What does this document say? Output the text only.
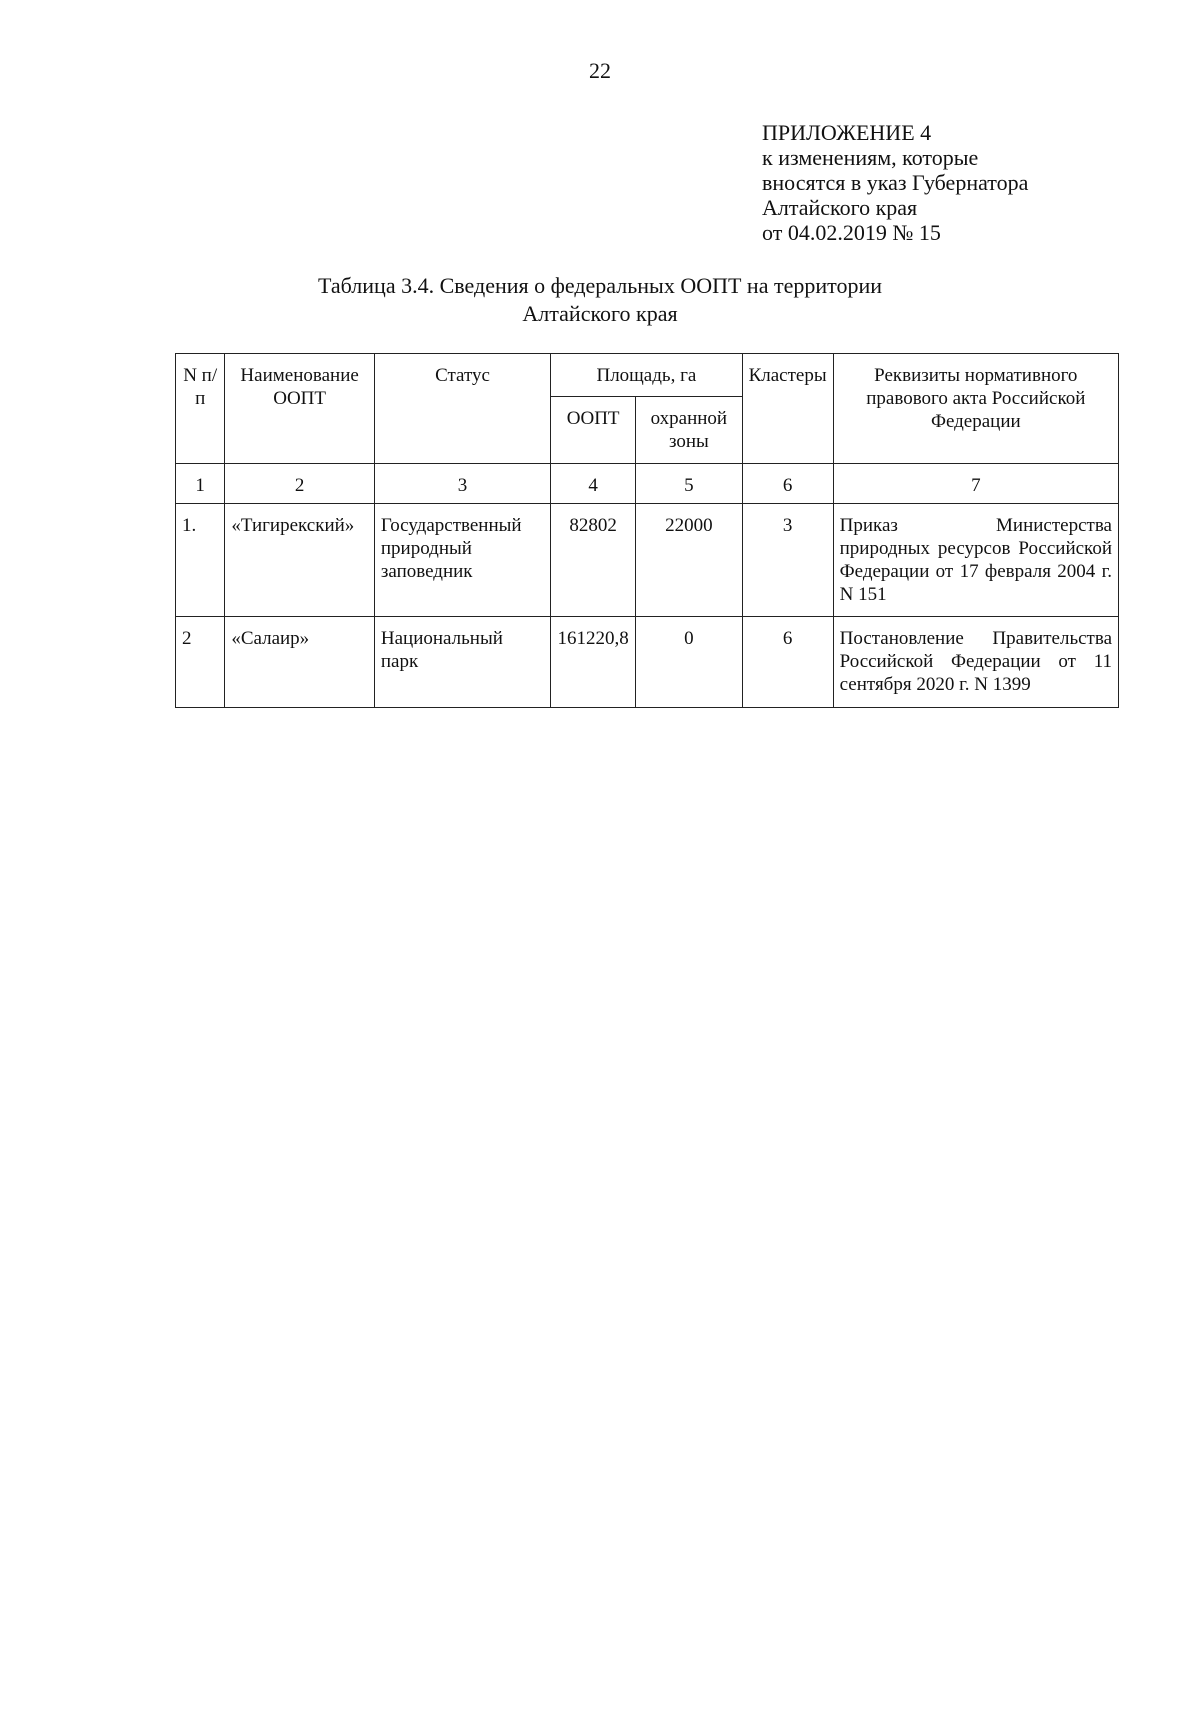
22
ПРИЛОЖЕНИЕ 4
к изменениям, которые
вносятся в указ Губернатора
Алтайского края
от 04.02.2019 № 15
Таблица 3.4. Сведения о федеральных ООПТ на территории
Алтайского края
N п/п	Наименование ООПТ	Статус	Площадь, га		Кластеры	Реквизиты нормативного правового акта Российской Федерации
			ООПТ	охранной зоны		
1	2	3	4	5	6	7
1.	«Тигирекский»	Государственный природный заповедник	82802	22000	3	Приказ Министерства природных ресурсов Российской Федерации от 17 февраля 2004 г. N 151
2	«Салаир»	Национальный парк	161220,8	0	6	Постановление Правительства Российской Федерации от 11 сентября 2020 г. N 1399
